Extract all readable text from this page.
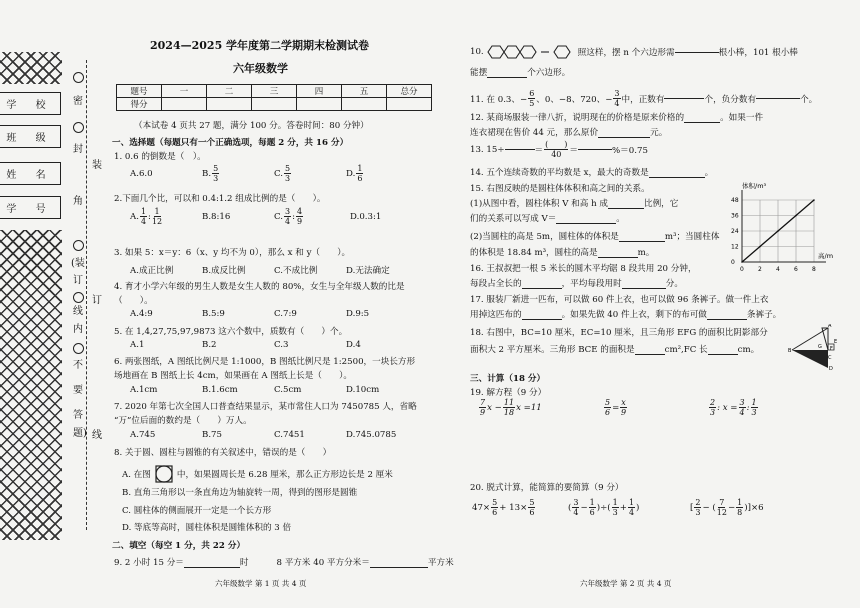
学 校
班 级
姓 名
学 号
密
封
角
(装
订
线
内
不
要
答
题)
装
订
线
2024—2025 学年度第二学期期末检测试卷
六年级数学
题号	一	二	三	四	五	总分
得分						
（本试卷 4 页共 27 题，满分 100 分。答卷时间：80 分钟）
一、选择题（每题只有一个正确选项，每题 2 分，共 16 分）
1. 0.6 的倒数是（　）。
A.6.0	B. $\frac{5}{3}$	C. $\frac{5}{3}$	D. $\frac{1}{6}$
2.下面几个比，可以和 0.4:1.2 组成比例的是（　　）。
A. $\frac{1}{4}$ : $\frac{1}{12}$	B.8:16	C. $\frac{3}{4}$ : $\frac{4}{9}$	D.0.3:1
3. 如果 5：x＝y：6（x、y 均不为 0），那么 x 和 y（　　）。
A.成正比例	B.成反比例	C.不成比例	D.无法确定
4. 育才小学六年级的男生人数是女生人数的 80%，女生与全年级人数的比是
（　　）。
A.4:9	B.5:9	C.7:9	D.9:5
5. 在 1,4,27,75,97,9873 这六个数中，质数有（　　）个。
A.1	B.2	C.3	D.4
6. 两张图纸，A 图纸比例尺是 1:1000，B 图纸比例尺是 1:2500，一块长方形
场地画在 B 图纸上长 4cm，如果画在 A 图纸上长是（　　）。
A.1cm	B.1.6cm	C.5cm	D.10cm
7. 2020 年第七次全国人口普查结果显示，某市常住人口为 7450785 人，省略
“万”位后面的数约是（　　）万人。
A.745	B.75	C.7451	D.745.0785
8. 关于圆、圆柱与圆锥的有关叙述中，错误的是（　　）
A. 在图	中，如果圆周长是 6.28 厘米，那么正方形边长是 2 厘米
B. 直角三角形以一条直角边为轴旋转一周，得到的图形是圆锥
C. 圆柱体的侧面展开一定是一个长方形
D. 等底等高时，圆柱体积是圆锥体积的 3 倍
二、填空（每空 1 分，共 22 分）
9. 2 小时 15 分＝	时	8 平方米 40 平方分米＝	平方米
六年级数学 第 1 页 共 4 页
10.	照这样，摆 n 个六边形需	根小棒，101 根小棒
能摆	个六边形。
11. 在 0.3、− $\frac{6}{5}$ 、0、−8、720、− $\frac{3}{4}$ 中，正数有	个，负分数有	个。
12. 某商场服装一律八折，说明现在的价格是原来价格的	。如果一件
连衣裙现在售价 44 元，那么原价	元。
13. 15÷	＝ $\frac{( )}{40}$ ＝	%＝0.75
14. 五个连续奇数的平均数是 x，最大的奇数是	。
15. 右图反映的是圆柱体体积和高之间的关系。
(1)从图中看，圆柱体积 V 和高 h 成	比例，它
们的关系可以写成 V＝	。
(2)当圆柱的高是 5m，圆柱体的体积是	m³；当圆柱体
的体积是 18.84 m³，圆柱的高是	m。
0 2 4 6 8
0
12
24
36
48
体积/m³
高/m
16. 王叔叔把一根 5 米长的圆木平均锯 8 段共用 20 分钟，
每段占全长的	，平均每段用时	分。
17. 服装厂新进一匹布，可以做 60 件上衣，也可以做 96 条裤子。做一件上衣
用掉这匹布的	。如果先做 40 件上衣，剩下的布可做	条裤子。
18. 右图中，BC=10 厘米，EC=10 厘米，且三角形 EFG 的面积比阴影部分
面积大 2 平方厘米。三角形 BCE 的面积是	cm²,FC 长	cm。
A
B
C
D
E
F
G
三、计算（18 分）
19. 解方程（9 分）
$\frac{7}{9}$ $x - \frac{11}{18}$ x =11	$\frac{5}{6} = \frac{x}{9}$	$\frac{2}{3}$ : $x = \frac{3}{4}$ : $\frac{1}{3}$
20. 脱式计算，能简算的要简算（9 分）
$47\times \frac{5}{6} + 13\times \frac{5}{6}$	( $\frac{3}{4} - \frac{1}{6}$ )÷( $\frac{1}{3} + \frac{1}{4}$ )	[ $\frac{2}{3}$ − ( $\frac{7}{12} - \frac{1}{8} )]\times 6$
六年级数学 第 2 页 共 4 页
